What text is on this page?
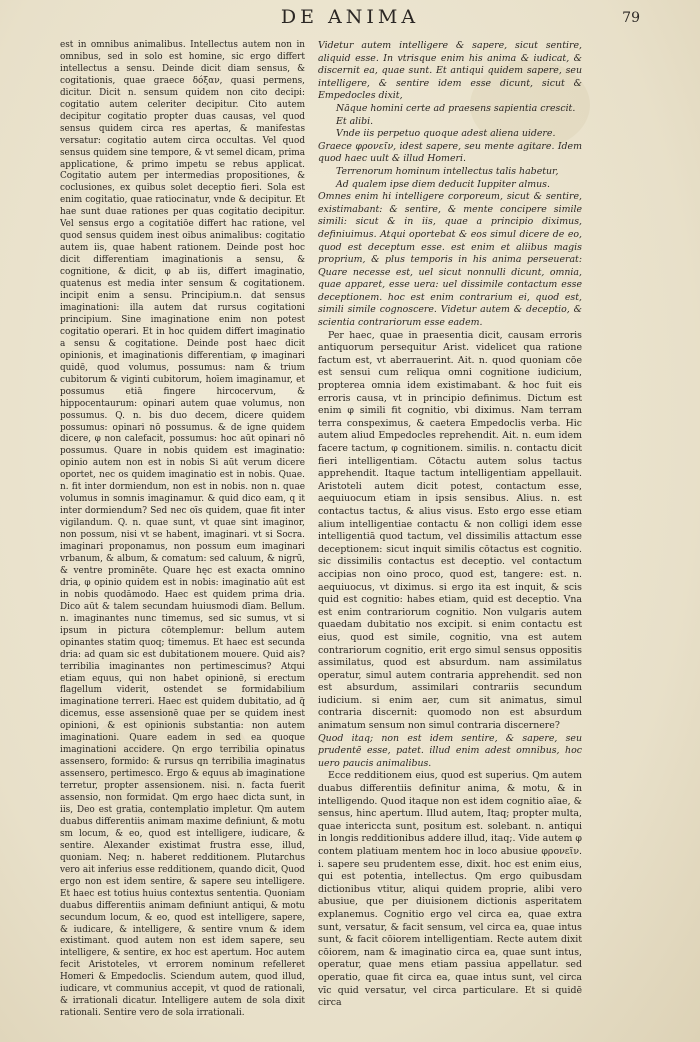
DE ANIMA	79

est in omnibus animalibus. Intellectus autem non in omnibus, sed in solo est homine, sic ergo differt intellectus a sensu. Deinde dicit diam sensus, & cogitationis, quae graece δόξαν, quasi permens, dicitur. Dicit n. sensum quidem non cito decipi: cogitatio autem celeriter decipitur. Cito autem decipitur cogitatio propter duas causas, vel quod sensus quidem circa res apertas, & manifestas versatur: cogitatio autem circa occultas. Vel quod sensus quidem sine tempore, & vt semel dicam, prima applicatione, & primo impetu se rebus applicat. Cogitatio autem per intermedias propositiones, & coclusiones, ex quibus solet deceptio fieri. Sola est enim cogitatio, quae ratiocinatur, vnde & decipitur. Et hae sunt duae rationes per quas cogitatio decipitur. Vel sensus ergo a cogitatiōe differt hac ratione, vel quod sensus quidem inest oibus animalibus: cogitatio autem iis, quae habent rationem. Deinde post hoc dicit differentiam imaginationis a sensu, & cognitione, & dicit, φ ab iis, differt imaginatio, quatenus est media inter sensum & cogitationem. incipit enim a sensu. Principium.n. dat sensus imaginationi: illa autem dat rursus cogitationi principium. Sine imaginatione enim non potest cogitatio operari. Et in hoc quidem differt imaginatio a sensu & cogitatione. Deinde post haec dicit opinionis, et imaginationis differentiam, φ imaginari quidē, quod volumus, possumus: nam & trium cubitorum & viginti cubitorum, hoīem imaginamur, et possumus etiā fingere hircocervum, & hippocentaurum: opinari autem quae volumus, non possumus. Q. n. bis duo decem, dicere quidem possumus: opinari nō possumus. & de igne quidem dicere, φ non calefacit, possumus: hoc aūt opinari nō possumus. Quare in nobis quidem est imaginatio: opinio autem non est in nobis Si aūt verum dicere oportet, nec os quidem imaginatio est in nobis. Quae. n. fit inter dormiendum, non est in nobis. non n. quae volumus in somnis imaginamur. & quid dico eam, q it inter dormiendum? Sed nec oīs quidem, quae fit inter vigilandum. Q. n. quae sunt, vt quae sint imaginor, non possum, nisi vt se habent, imaginari. vt si Socra. imaginari proponamus, non possum eum imaginari vrbanum, & album, & comatum: sed caluum, & nigrū, & ventre prominēte. Quare hęc est exacta omnino dria, φ opinio quidem est in nobis: imaginatio aūt est in nobis quodāmodo. Haec est quidem prima dria. Dico aūt & talem secundam huiusmodi dīam. Bellum. n. imaginantes nunc timemus, sed sic sumus, vt si ipsum in pictura cōtemplemur: bellum autem opinantes statim quoq; timemus. Et haec est secunda dria: ad quam sic est dubitationem mouere. Quid ais? terribilia imaginantes non pertimescimus? Atqui etiam equus, qui non habet opinionē, si erectum flagellum viderit, ostendet se formidabilium imaginatione terreri. Haec est quidem dubitatio, ad q̃ dicemus, esse assensionē quae per se quidem inest opinioni, & est opinionis substantia: non autem imaginationi. Quare eadem in sed ea quoque imaginationi accidere. Qn ergo terribilia opinatus assensero, formido: & rursus qn terribilia imaginatus assensero, pertimesco. Ergo & equus ab imaginatione terretur, propter assensionem. nisi. n. facta fuerit assensio, non formidat. Qm ergo haec dicta sunt, in iis, Deo est gratia, contemplatio impletur. Qm autem duabus differentiis animam maxime definiunt, & motu sm locum, & eo, quod est intelligere, iudicare, & sentire. Alexander existimat frustra esse, illud, quoniam. Neq; n. haberet redditionem. Plutarchus vero ait inferius esse redditionem, quando dicit, Quod ergo non est idem sentire, & sapere seu intelligere. Et haec est totius huius contextus sententia. Quoniam duabus differentiis animam definiunt antiqui, & motu secundum locum, & eo, quod est intelligere, sapere, & iudicare, & intelligere, & sentire vnum & idem existimant. quod autem non est idem sapere, seu intelligere, & sentire, ex hoc est apertum. Hoc autem fecit Aristoteles, vt errorem nominum refelleret Homeri & Empedoclis. Sciendum autem, quod illud, iudicare, vt communius accepit, vt quod de rationali, & irrationali dicatur. Intelligere autem de sola dixit rationali. Sentire vero de sola irrationali.

Videtur autem intelligere & sapere, sicut sentire, aliquid esse. In vtrisque enim his anima & iudicat, & discernit ea, quae sunt. Et antiqui quidem sapere, seu intelligere, & sentire idem esse dicunt, sicut & Empedocles dixit,

Nāque homini certe ad praesens sapientia crescit.

Et alibi.

Vnde iis perpetuo quoque adest aliena uidere.

Graece φρονεῖν, idest sapere, seu mente agitare. Idem quod haec uult & illud Homeri.

Terrenorum hominum intellectus talis habetur,

Ad qualem ipse diem deducit Iuppiter almus.

Omnes enim hi intelligere corporeum, sicut & sentire, existimabant: & sentire, & mente concipere simile simili: sicut & in iis, quae a principio diximus, definiuimus. Atqui oportebat & eos simul dicere de eo, quod est deceptum esse. est enim et aliibus magis proprium, & plus temporis in his anima perseuerat: Quare necesse est, uel sicut nonnulli dicunt, omnia, quae apparet, esse uera: uel dissimile contactum esse deceptionem. hoc est enim contrarium ei, quod est, simili simile cognoscere. Videtur autem & deceptio, & scientia contrariorum esse eadem.

Per haec, quae in praesentia dicit, causam erroris antiquorum persequitur Arist. videlicet qua ratione factum est, vt aberrauerint. Ait. n. quod quoniam cōe est sensui cum reliqua omni cognitione iudicium, propterea omnia idem existimabant. & hoc fuit eis erroris causa, vt in principio definimus. Dictum est enim φ simili fit cognitio, vbi diximus. Nam terram terra conspeximus, & caetera Empedoclis verba. Hic autem aliud Empedocles reprehendit. Ait. n. eum idem facere tactum, φ cognitionem. similis. n. contactu dicit fieri intelligentiam. Cōtactu autem solus tactus apprehendit. Itaque tactum intelligentiam appellauit. Aristoteli autem dicit potest, contactum esse, aequiuocum etiam in ipsis sensibus. Alius. n. est contactus tactus, & alius visus. Esto ergo esse etiam alium intelligentiae contactu & non colligi idem esse intelligentiā quod tactum, vel dissimilis attactum esse deceptionem: sicut inquit similis cōtactus est cognitio. sic dissimilis contactus est deceptio. vel contactum accipias non oino proco, quod est, tangere: est. n. aequiuocus, vt diximus. si ergo ita est inquit, & scis quid est cognitio: habes etiam, quid est deceptio. Vna est enim contrariorum cognitio. Non vulgaris autem quaedam dubitatio nos excipit. si enim contactu est eius, quod est simile, cognitio, vna est autem contrariorum cognitio, erit ergo simul sensus oppositis assimilatus, quod est absurdum. nam assimilatus operatur, simul autem contraria apprehendit. sed non est absurdum, assimilari contrariis secundum iudicium. si enim aer, cum sit animatus, simul contraria discernit: quomodo non est absurdum animatum sensum non simul contraria discernere?

Quod itaq; non est idem sentire, & sapere, seu prudentē esse, patet. illud enim adest omnibus, hoc uero paucis animalibus.

Ecce redditionem eius, quod est superius. Qm autem duabus differentiis definitur anima, & motu, & in intelligendo. Quod itaque non est idem cognitio aīae, & sensus, hinc apertum. Illud autem, Itaq; propter multa, quae intericcta sunt, positum est. solebant. n. antiqui in longis redditionibus addere illud, itaq;. Vide autem φ contem platiuam mentem hoc in loco abusiue φρονεῖν. i. sapere seu prudentem esse, dixit. hoc est enim eius, qui est potentia, intellectus. Qm ergo quibusdam dictionibus vtitur, aliqui quidem proprie, alibi vero abusiue, que per diuisionem dictionis asperitatem explanemus. Cognitio ergo vel circa ea, quae extra sunt, versatur, & facit sensum, vel circa ea, quae intus sunt, & facit cōiorem intelligentiam. Recte autem dixit cōiorem, nam & imaginatio circa ea, quae sunt intus, operatur, quae mens etiam passiua appellatur. sed operatio, quae fit circa ea, quae intus sunt, vel circa vīc quid versatur, vel circa particulare. Et si quidē circa
